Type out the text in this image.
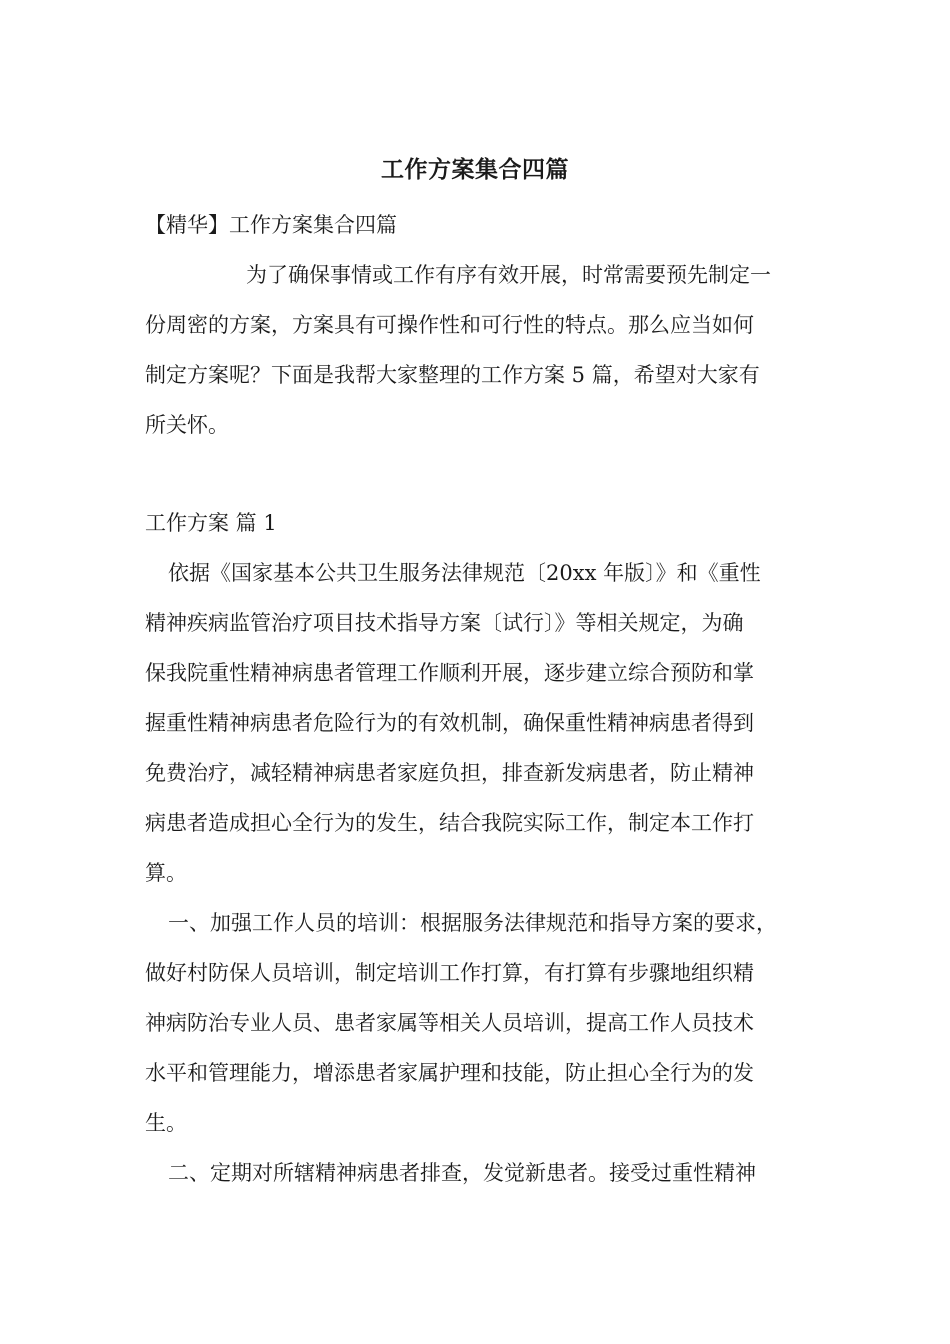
工作方案集合四篇
【精华】工作方案集合四篇
为了确保事情或工作有序有效开展，时常需要预先制定一
份周密的方案，方案具有可操作性和可行性的特点。那么应当如何
制定方案呢？下面是我帮大家整理的工作方案 5 篇，希望对大家有
所关怀。
工作方案 篇 1
依据《国家基本公共卫生服务法律规范〔20xx 年版〕》和《重性
精神疾病监管治疗项目技术指导方案〔试行〕》等相关规定，为确
保我院重性精神病患者管理工作顺利开展，逐步建立综合预防和掌
握重性精神病患者危险行为的有效机制，确保重性精神病患者得到
免费治疗，减轻精神病患者家庭负担，排查新发病患者，防止精神
病患者造成担心全行为的发生，结合我院实际工作，制定本工作打
算。
一、加强工作人员的培训：根据服务法律规范和指导方案的要求，
做好村防保人员培训，制定培训工作打算，有打算有步骤地组织精
神病防治专业人员、患者家属等相关人员培训，提高工作人员技术
水平和管理能力，增添患者家属护理和技能，防止担心全行为的发
生。
二、定期对所辖精神病患者排查，发觉新患者。接受过重性精神
